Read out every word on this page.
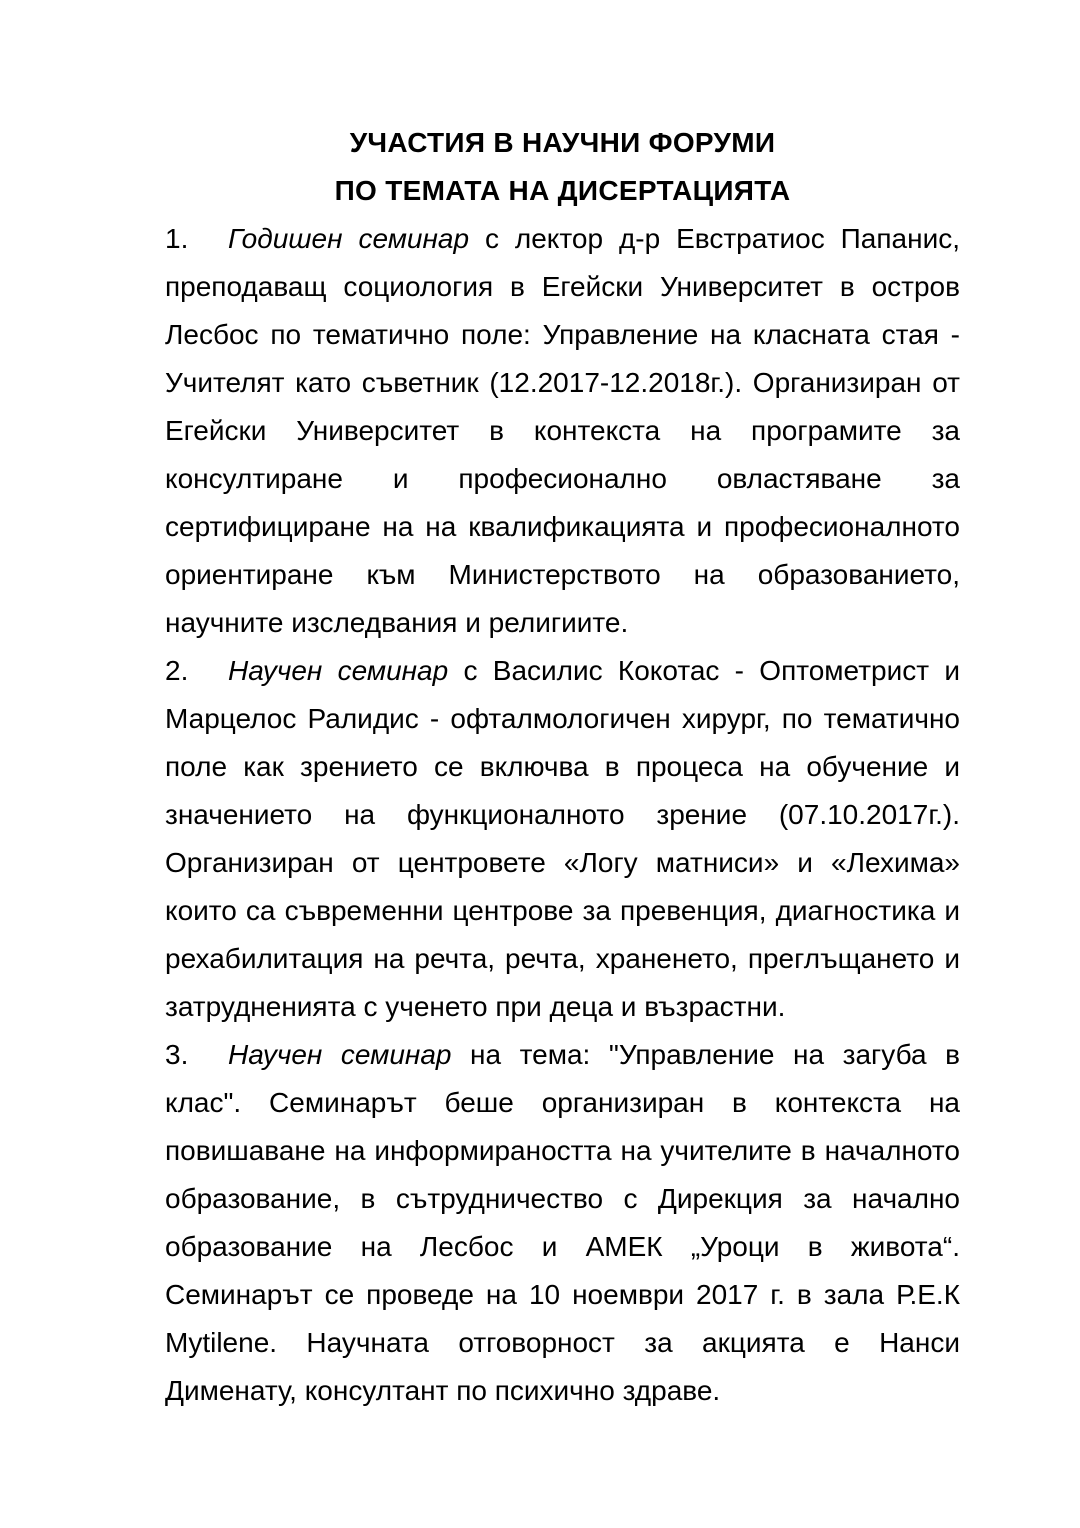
УЧАСТИЯ В НАУЧНИ ФОРУМИ
ПО ТЕМАТА НА ДИСЕРТАЦИЯТА

1. Годишен семинар с лектор д-р Евстратиос Папанис, преподаващ социология в Егейски Университет в остров Лесбос по тематично поле: Управление на класната стая - Учителят като съветник (12.2017-12.2018г.). Организиран от Егейски Университет в контекста на програмите за консултиране и професионално овластяване за сертифициране на на квалификацията и професионалното ориентиране към Министерството на образованието, научните изследвания и религиите.

2. Научен семинар с Василис Кокотас - Оптометрист и Марцелос Ралидис - офталмологичен хирург, по тематично поле как зрението се включва в процеса на обучение и значението на функционалното зрение (07.10.2017г.). Организиран от центровете «Логу матниси» и «Лехима» които са съвременни центрове за превенция, диагностика и рехабилитация на речта, речта, храненето, преглъщането и затрудненията с ученето при деца и възрастни.

3. Научен семинар на тема: "Управление на загуба в клас". Семинарът беше организиран в контекста на повишаване на информираността на учителите в началното образование, в сътрудничество с Дирекция за начално образование на Лесбос и АМЕК „Уроци в живота“. Семинарът се проведе на 10 ноември 2017 г. в зала Р.Е.К Mytilene. Научната отговорност за акцията е Нанси Дименату, консултант по психично здраве.
